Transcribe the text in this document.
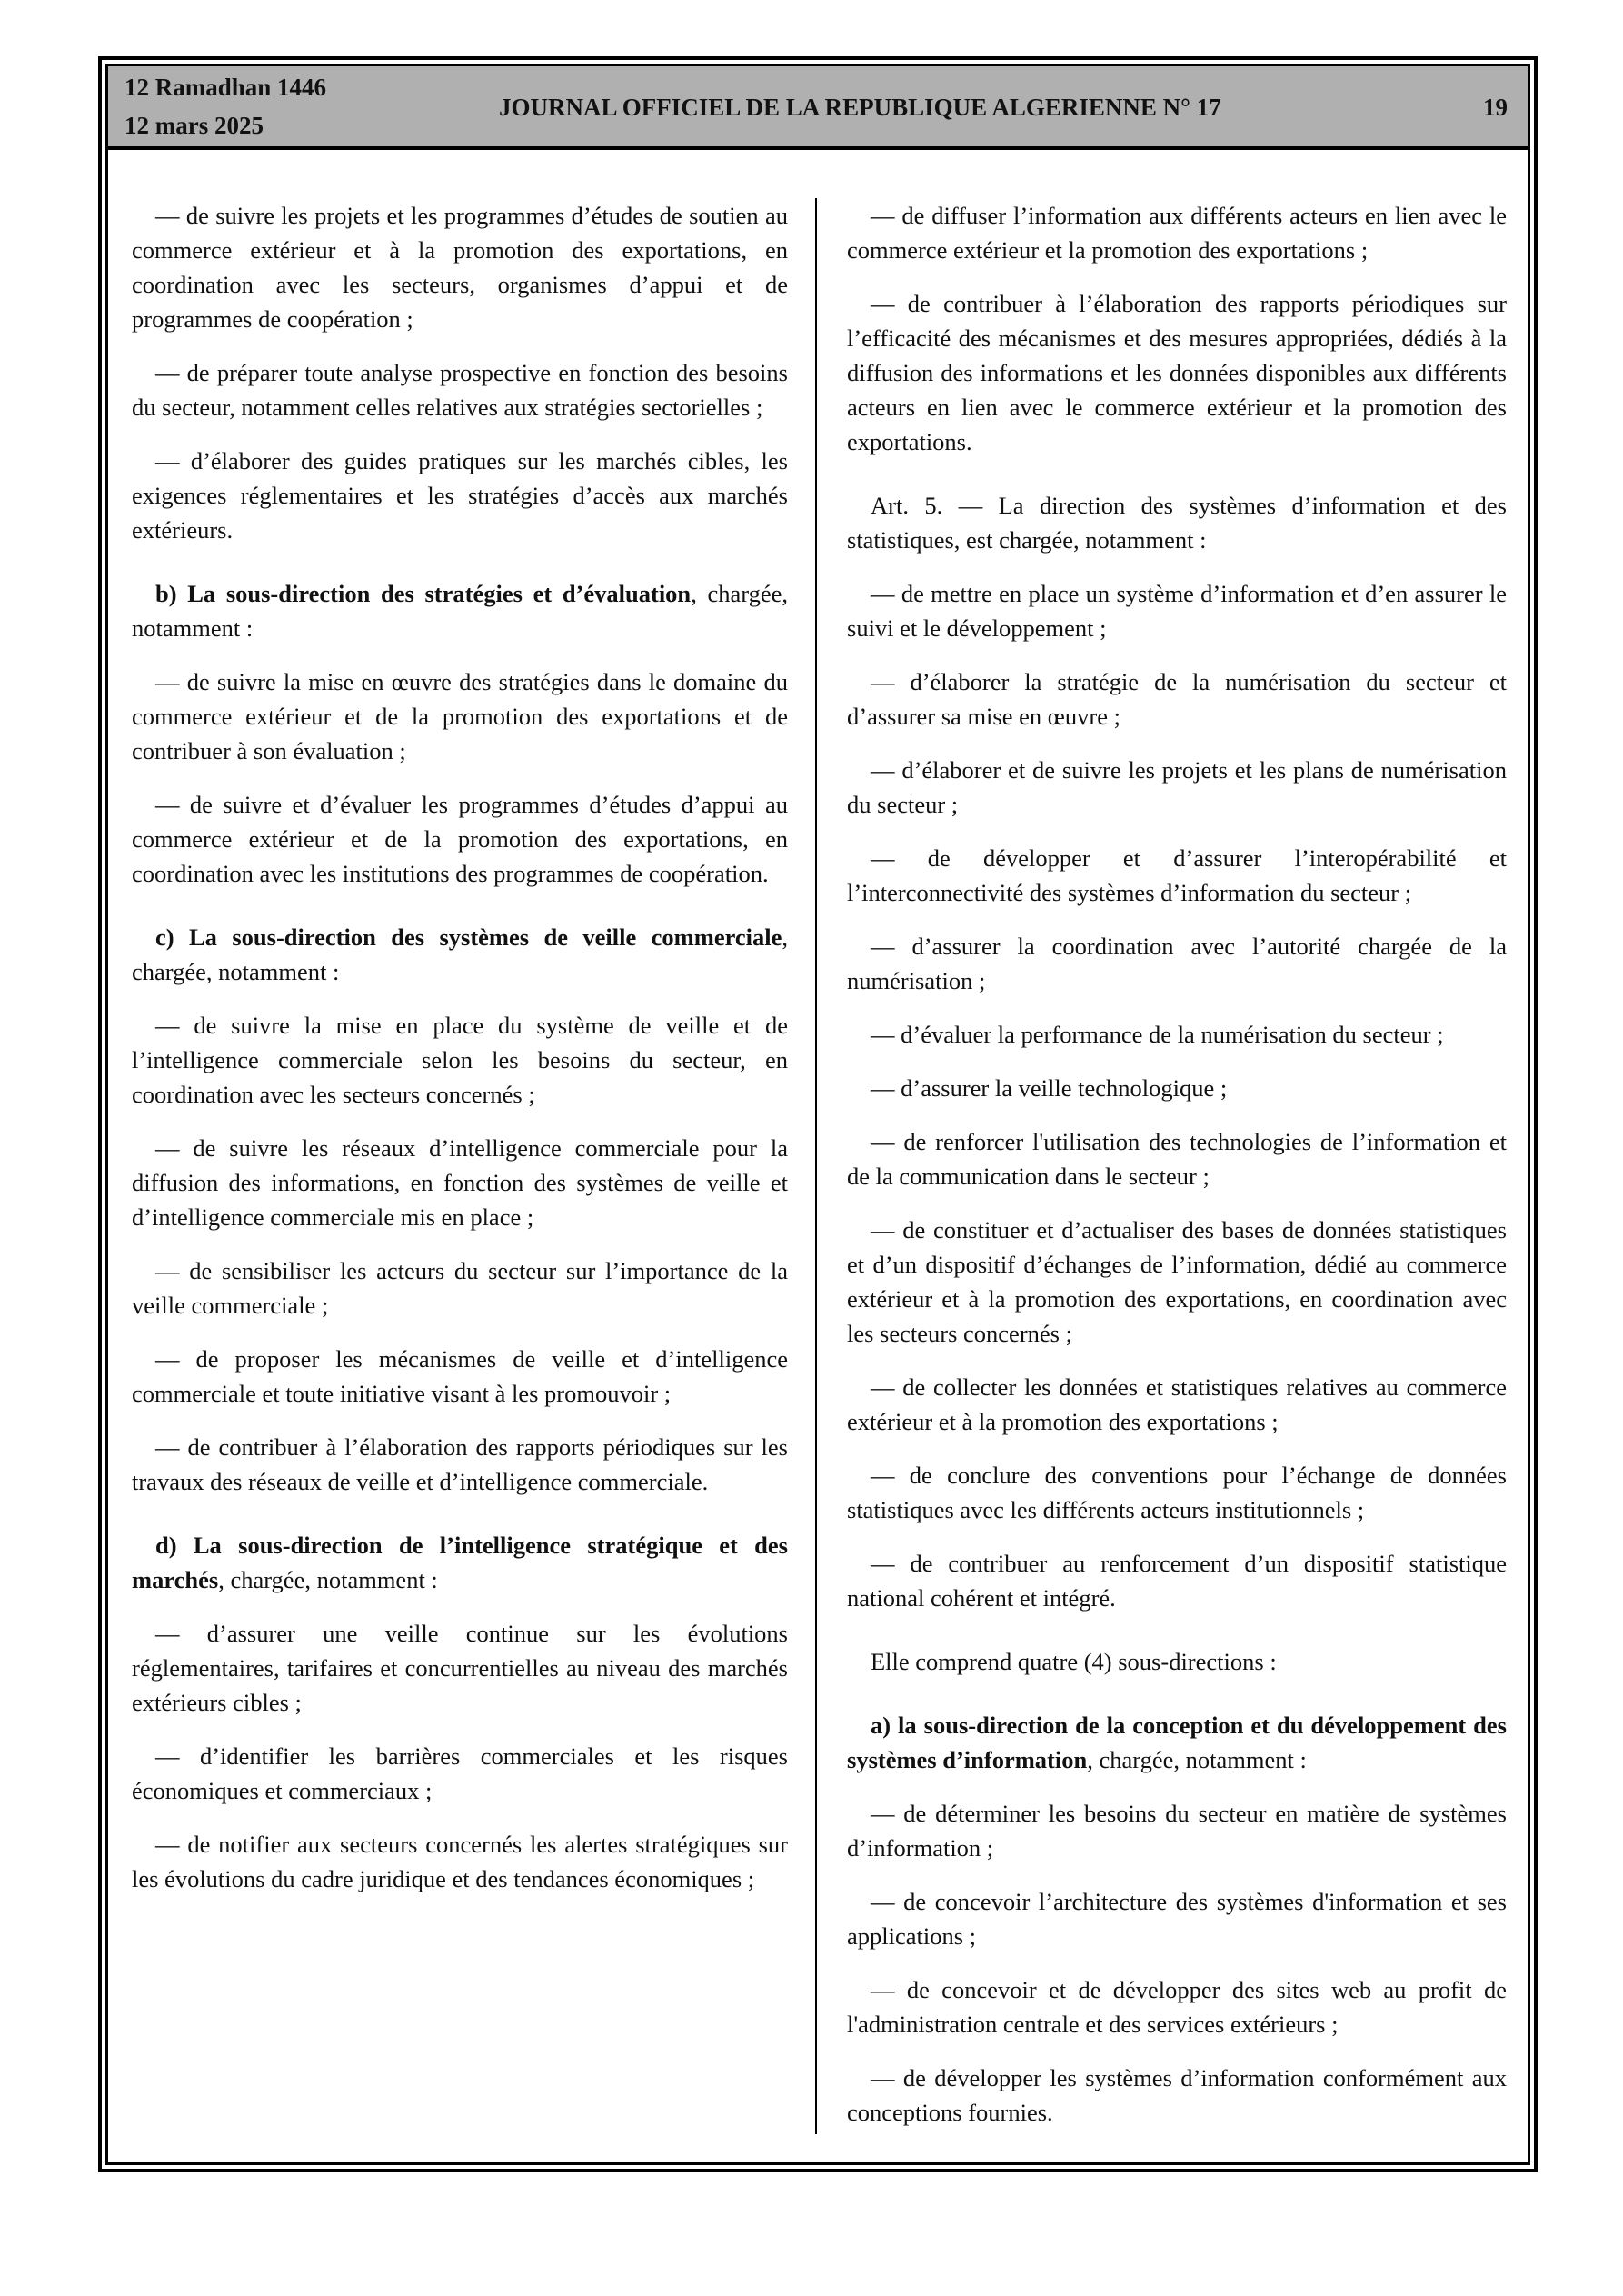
12 Ramadhan 1446
12 mars 2025
JOURNAL OFFICIEL DE LA REPUBLIQUE ALGERIENNE N° 17	19

— de suivre les projets et les programmes d’études de soutien au commerce extérieur et à la promotion des exportations, en coordination avec les secteurs, organismes d’appui et de programmes de coopération ;

— de préparer toute analyse prospective en fonction des besoins du secteur, notamment celles relatives aux stratégies sectorielles ;

— d’élaborer des guides pratiques sur les marchés cibles, les exigences réglementaires et les stratégies d’accès aux marchés extérieurs.

b) La sous-direction des stratégies et d’évaluation, chargée, notamment :

— de suivre la mise en œuvre des stratégies dans le domaine du commerce extérieur et de la promotion des exportations et de contribuer à son évaluation ;

— de suivre et d’évaluer les programmes d’études d’appui au commerce extérieur et de la promotion des exportations, en coordination avec les institutions des programmes de coopération.

c) La sous-direction des systèmes de veille commerciale, chargée, notamment :

— de suivre la mise en place du système de veille et de l’intelligence commerciale selon les besoins du secteur, en coordination avec les secteurs concernés ;

— de suivre les réseaux d’intelligence commerciale pour la diffusion des informations, en fonction des systèmes de veille et d’intelligence commerciale mis en place ;

— de sensibiliser les acteurs du secteur sur l’importance de la veille commerciale ;

— de proposer les mécanismes de veille et d’intelligence commerciale et toute initiative visant à les promouvoir ;

— de contribuer à l’élaboration des rapports périodiques sur les travaux des réseaux de veille et d’intelligence commerciale.

d) La sous-direction de l’intelligence stratégique et des marchés, chargée, notamment :

— d’assurer une veille continue sur les évolutions réglementaires, tarifaires et concurrentielles au niveau des marchés extérieurs cibles ;

— d’identifier les barrières commerciales et les risques économiques et commerciaux ;

— de notifier aux secteurs concernés les alertes stratégiques sur les évolutions du cadre juridique et des tendances économiques ;

— de diffuser l’information aux différents acteurs en lien avec le commerce extérieur et la promotion des exportations ;

— de contribuer à l’élaboration des rapports périodiques sur l’efficacité des mécanismes et des mesures appropriées, dédiés à la diffusion des informations et les données disponibles aux différents acteurs en lien avec le commerce extérieur et la promotion des exportations.

Art. 5. — La direction des systèmes d’information et des statistiques, est chargée, notamment :

— de mettre en place un système d’information et d’en assurer le suivi et le développement ;

— d’élaborer la stratégie de la numérisation du secteur et d’assurer sa mise en œuvre ;

— d’élaborer et de suivre les projets et les plans de numérisation du secteur ;

— de développer et d’assurer l’interopérabilité et l’interconnectivité des systèmes d’information du secteur ;

— d’assurer la coordination avec l’autorité chargée de la numérisation ;

— d’évaluer la performance de la numérisation du secteur ;

— d’assurer la veille technologique ;

— de renforcer l'utilisation des technologies de l’information et de la communication dans le secteur ;

— de constituer et d’actualiser des bases de données statistiques et d’un dispositif d’échanges de l’information, dédié au commerce extérieur et à la promotion des exportations, en coordination avec les secteurs concernés ;

— de collecter les données et statistiques relatives au commerce extérieur et à la promotion des exportations ;

— de conclure des conventions pour l’échange de données statistiques avec les différents acteurs institutionnels ;

— de contribuer au renforcement d’un dispositif statistique national cohérent et intégré.

Elle comprend quatre (4) sous-directions :

a) la sous-direction de la conception et du développement des systèmes d’information, chargée, notamment :

— de déterminer les besoins du secteur en matière de systèmes d’information ;

— de concevoir l’architecture des systèmes d'information et ses applications ;

— de concevoir et de développer des sites web au profit de l'administration centrale et des services extérieurs ;

— de développer les systèmes d’information conformément aux conceptions fournies.
